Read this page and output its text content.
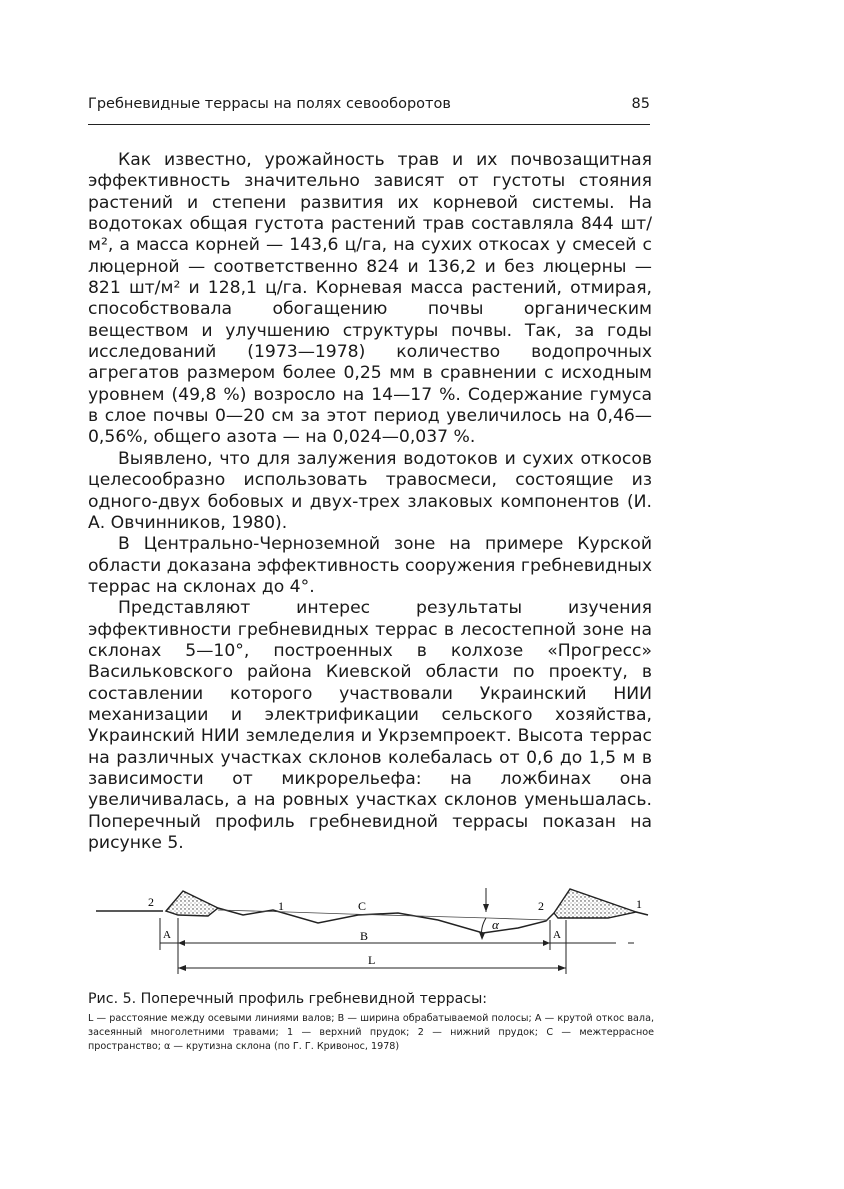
Гребневидные террасы на полях севооборотов	85

Как известно, урожайность трав и их почвозащитная эффективность значительно зависят от густоты стояния растений и степени развития их корневой системы. На водотоках общая густота растений трав составляла 844 шт/м², а масса корней — 143,6 ц/га, на сухих откосах у смесей с люцерной — соответственно 824 и 136,2 и без люцерны — 821 шт/м² и 128,1 ц/га. Корневая масса растений, отмирая, способствовала обогащению почвы органическим веществом и улучшению структуры почвы. Так, за годы исследований (1973—1978) количество водопрочных агрегатов размером более 0,25 мм в сравнении с исходным уровнем (49,8 %) возросло на 14—17 %. Содержание гумуса в слое почвы 0—20 см за этот период увеличилось на 0,46—0,56%, общего азота — на 0,024—0,037 %.

Выявлено, что для залужения водотоков и сухих откосов целесообразно использовать травосмеси, состоящие из одного-двух бобовых и двух-трех злаковых компонентов (И. А. Овчинников, 1980).

В Центрально-Черноземной зоне на примере Курской области доказана эффективность сооружения гребневидных террас на склонах до 4°.

Представляют интерес результаты изучения эффективности гребневидных террас в лесостепной зоне на склонах 5—10°, построенных в колхозе «Прогресс» Васильковского района Киевской области по проекту, в составлении которого участвовали Украинский НИИ механизации и электрификации сельского хозяйства, Украинский НИИ земледелия и Укрземпроект. Высота террас на различных участках склонов колебалась от 0,6 до 1,5 м в зависимости от микрорельефа: на ложбинах она увеличивалась, а на ровных участках склонов уменьшалась. Поперечный профиль гребневидной террасы показан на рисунке 5.

2	1	C	2	1
α
A	B	A
L
Рис. 5. Поперечный профиль гребневидной террасы:
L — расстояние между осевыми линиями валов; B — ширина обрабатываемой полосы; A — крутой откос вала, засеянный многолетними травами; 1 — верхний прудок; 2 — нижний прудок; C — межтеррасное пространство; α — крутизна склона (по Г. Г. Кривонос, 1978)
